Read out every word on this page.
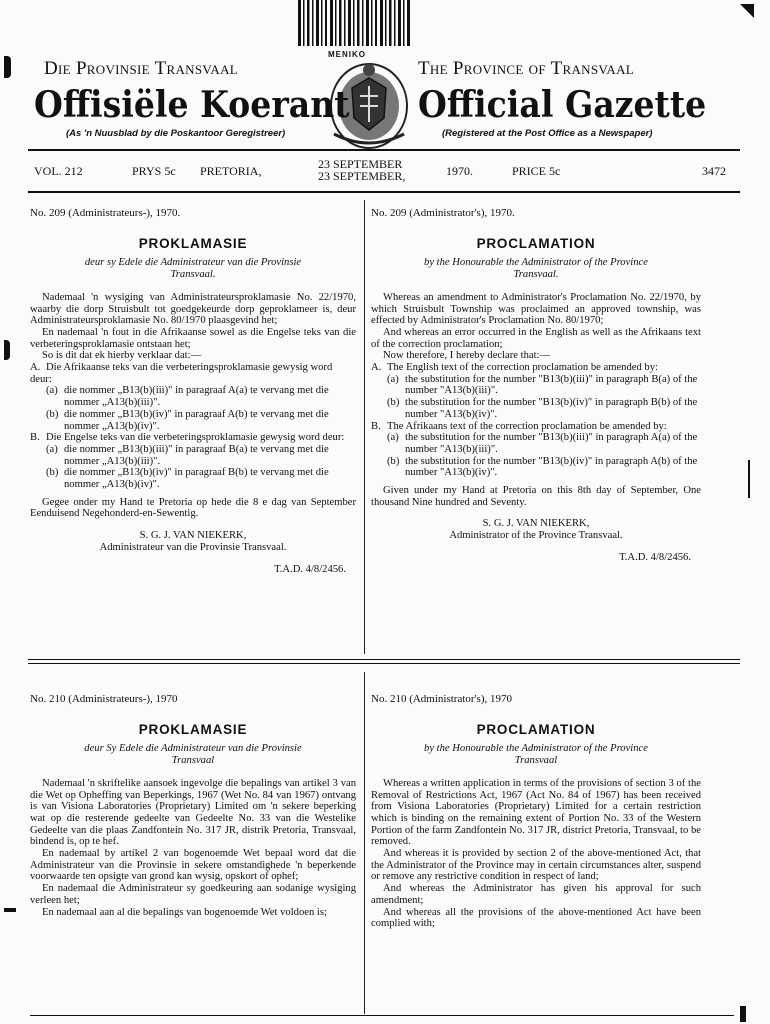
MENIKO
Die Provinsie Transvaal	The Province of Transvaal
Offisiële Koerant Official Gazette
(As 'n Nuusblad by die Poskantoor Geregistreer)	(Registered at the Post Office as a Newspaper)
VOL. 212	PRYS 5c PRETORIA,	23 SEPTEMBER
23 SEPTEMBER,	1970.	PRICE 5c	3472

No. 209 (Administrateurs-), 1970.

PROKLAMASIE

deur sy Edele die Administrateur van die Provinsie Transvaal.

Nademaal 'n wysiging van Administrateursproklamasie No. 22/1970, waarby die dorp Struisbult tot goedgekeurde dorp geproklameer is, deur Administrateursproklamasie No. 80/1970 plaasgevind het;

En nademaal 'n fout in die Afrikaanse sowel as die Engelse teks van die verbeteringsproklamasie ontstaan het;

So is dit dat ek hierby verklaar dat:—

A. Die Afrikaanse teks van die verbeteringsproklamasie gewysig word deur:

(a) die nommer „B13(b)(iii)" in paragraaf A(a) te vervang met die nommer „A13(b)(iii)".
(b) die nommer „B13(b)(iv)" in paragraaf A(b) te vervang met die nommer „A13(b)(iv)".

B. Die Engelse teks van die verbeteringsproklamasie gewysig word deur:

(a) die nommer „B13(b)(iii)" in paragraaf B(a) te vervang met die nommer „A13(b)(iii)".
(b) die nommer „B13(b)(iv)" in paragraaf B(b) te vervang met die nommer „A13(b)(iv)".

Gegee onder my Hand te Pretoria op hede die 8 e dag van September Eenduisend Negehonderd-en-Sewentig.

S. G. J. VAN NIEKERK,

Administrateur van die Provinsie Transvaal.

T.A.D. 4/8/2456.

No. 209 (Administrator's), 1970.

PROCLAMATION

by the Honourable the Administrator of the Province Transvaal.

Whereas an amendment to Administrator's Proclamation No. 22/1970, by which Struisbult Township was proclaimed an approved township, was effected by Administrator's Proclamation No. 80/1970;

And whereas an error occurred in the English as well as the Afrikaans text of the correction proclamation;

Now therefore, I hereby declare that:—

A. The English text of the correction proclamation be amended by:

(a) the substitution for the number "B13(b)(iii)" in paragraph B(a) of the number "A13(b)(iii)".
(b) the substitution for the number "B13(b)(iv)" in paragraph B(b) of the number "A13(b)(iv)".

B. The Afrikaans text of the correction proclamation be amended by:

(a) the substitution for the number "B13(b)(iii)" in paragraph A(a) of the number "A13(b)(iii)".
(b) the substitution for the number "B13(b)(iv)" in paragraph A(b) of the number "A13(b)(iv)".

Given under my Hand at Pretoria on this 8th day of September, One thousand Nine hundred and Seventy.

S. G. J. VAN NIEKERK,

Administrator of the Province Transvaal.

T.A.D. 4/8/2456.

No. 210 (Administrateurs-), 1970

PROKLAMASIE

deur Sy Edele die Administrateur van die Provinsie Transvaal

Nademaal 'n skriftelike aansoek ingevolge die bepalings van artikel 3 van die Wet op Opheffing van Beperkings, 1967 (Wet No. 84 van 1967) ontvang is van Visiona Laboratories (Proprietary) Limited om 'n sekere beperking wat op die resterende gedeelte van Gedeelte No. 33 van die Westelike Gedeelte van die plaas Zandfontein No. 317 JR, distrik Pretoria, Transvaal, bindend is, op te hef.

En nademaal by artikel 2 van bogenoemde Wet bepaal word dat die Administrateur van die Provinsie in sekere omstandighede 'n beperkende voorwaarde ten opsigte van grond kan wysig, opskort of ophef;

En nademaal die Administrateur sy goedkeuring aan sodanige wysiging verleen het;

En nademaal aan al die bepalings van bogenoemde Wet voldoen is;

No. 210 (Administrator's), 1970

PROCLAMATION

by the Honourable the Administrator of the Province Transvaal

Whereas a written application in terms of the provisions of section 3 of the Removal of Restrictions Act, 1967 (Act No. 84 of 1967) has been received from Visiona Laboratories (Proprietary) Limited for a certain restriction which is binding on the remaining extent of Portion No. 33 of the Western Portion of the farm Zandfontein No. 317 JR, district Pretoria, Transvaal, to be removed.

And whereas it is provided by section 2 of the above-mentioned Act, that the Administrator of the Province may in certain circumstances alter, suspend or remove any restrictive condition in respect of land;

And whereas the Administrator has given his approval for such amendment;

And whereas all the provisions of the above-mentioned Act have been complied with;
